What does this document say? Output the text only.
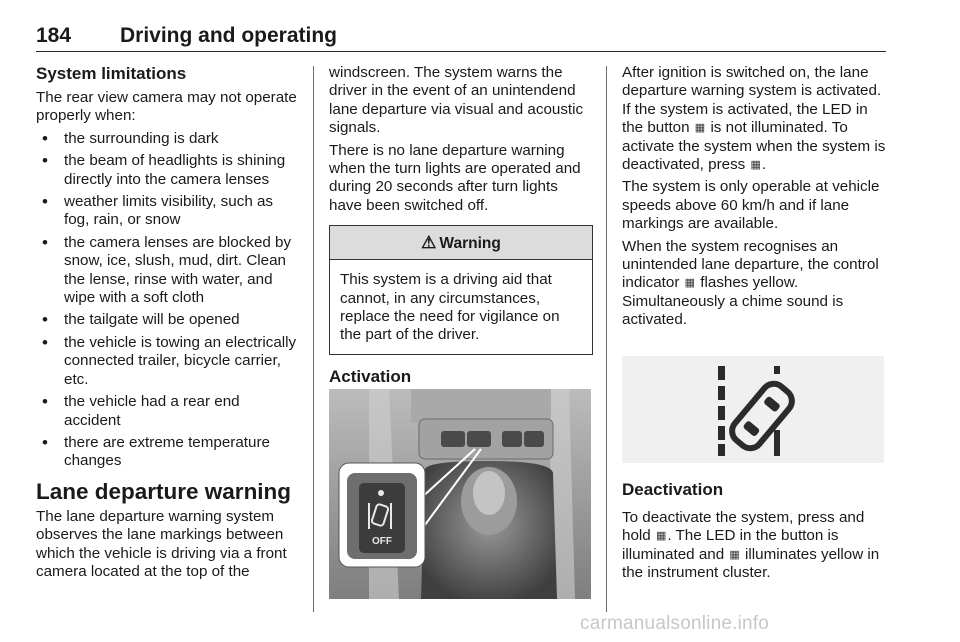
184 Driving and operating
System limitations

The rear view camera may not operate properly when:

• the surrounding is dark
• the beam of headlights is shining directly into the camera lenses
• weather limits visibility, such as fog, rain, or snow
• the camera lenses are blocked by snow, ice, slush, mud, dirt. Clean the lense, rinse with water, and wipe with a soft cloth
• the tailgate will be opened
• the vehicle is towing an electrically connected trailer, bicycle carrier, etc.
• the vehicle had a rear end accident
• there are extreme temperature changes
Lane departure warning

The lane departure warning system observes the lane markings between which the vehicle is driving via a front camera located at the top of the

windscreen. The system warns the driver in the event of an unintendend lane departure via visual and acoustic signals.

There is no lane departure warning when the turn lights are operated and during 20 seconds after turn lights have been switched off.

⚠ Warning
This system is a driving aid that cannot, in any circumstances, replace the need for vigilance on the part of the driver.
Activation
OFF

After ignition is switched on, the lane departure warning system is activated. If the system is activated, the LED in the button ▦ is not illuminated. To activate the system when the system is deactivated, press ▦.

The system is only operable at vehicle speeds above 60 km/h and if lane markings are available.

When the system recognises an unintended lane departure, the control indicator ▦ flashes yellow. Simultaneously a chime sound is activated.

Deactivation

To deactivate the system, press and hold ▦. The LED in the button is illuminated and ▦ illuminates yellow in the instrument cluster.

carmanualsonline.info
